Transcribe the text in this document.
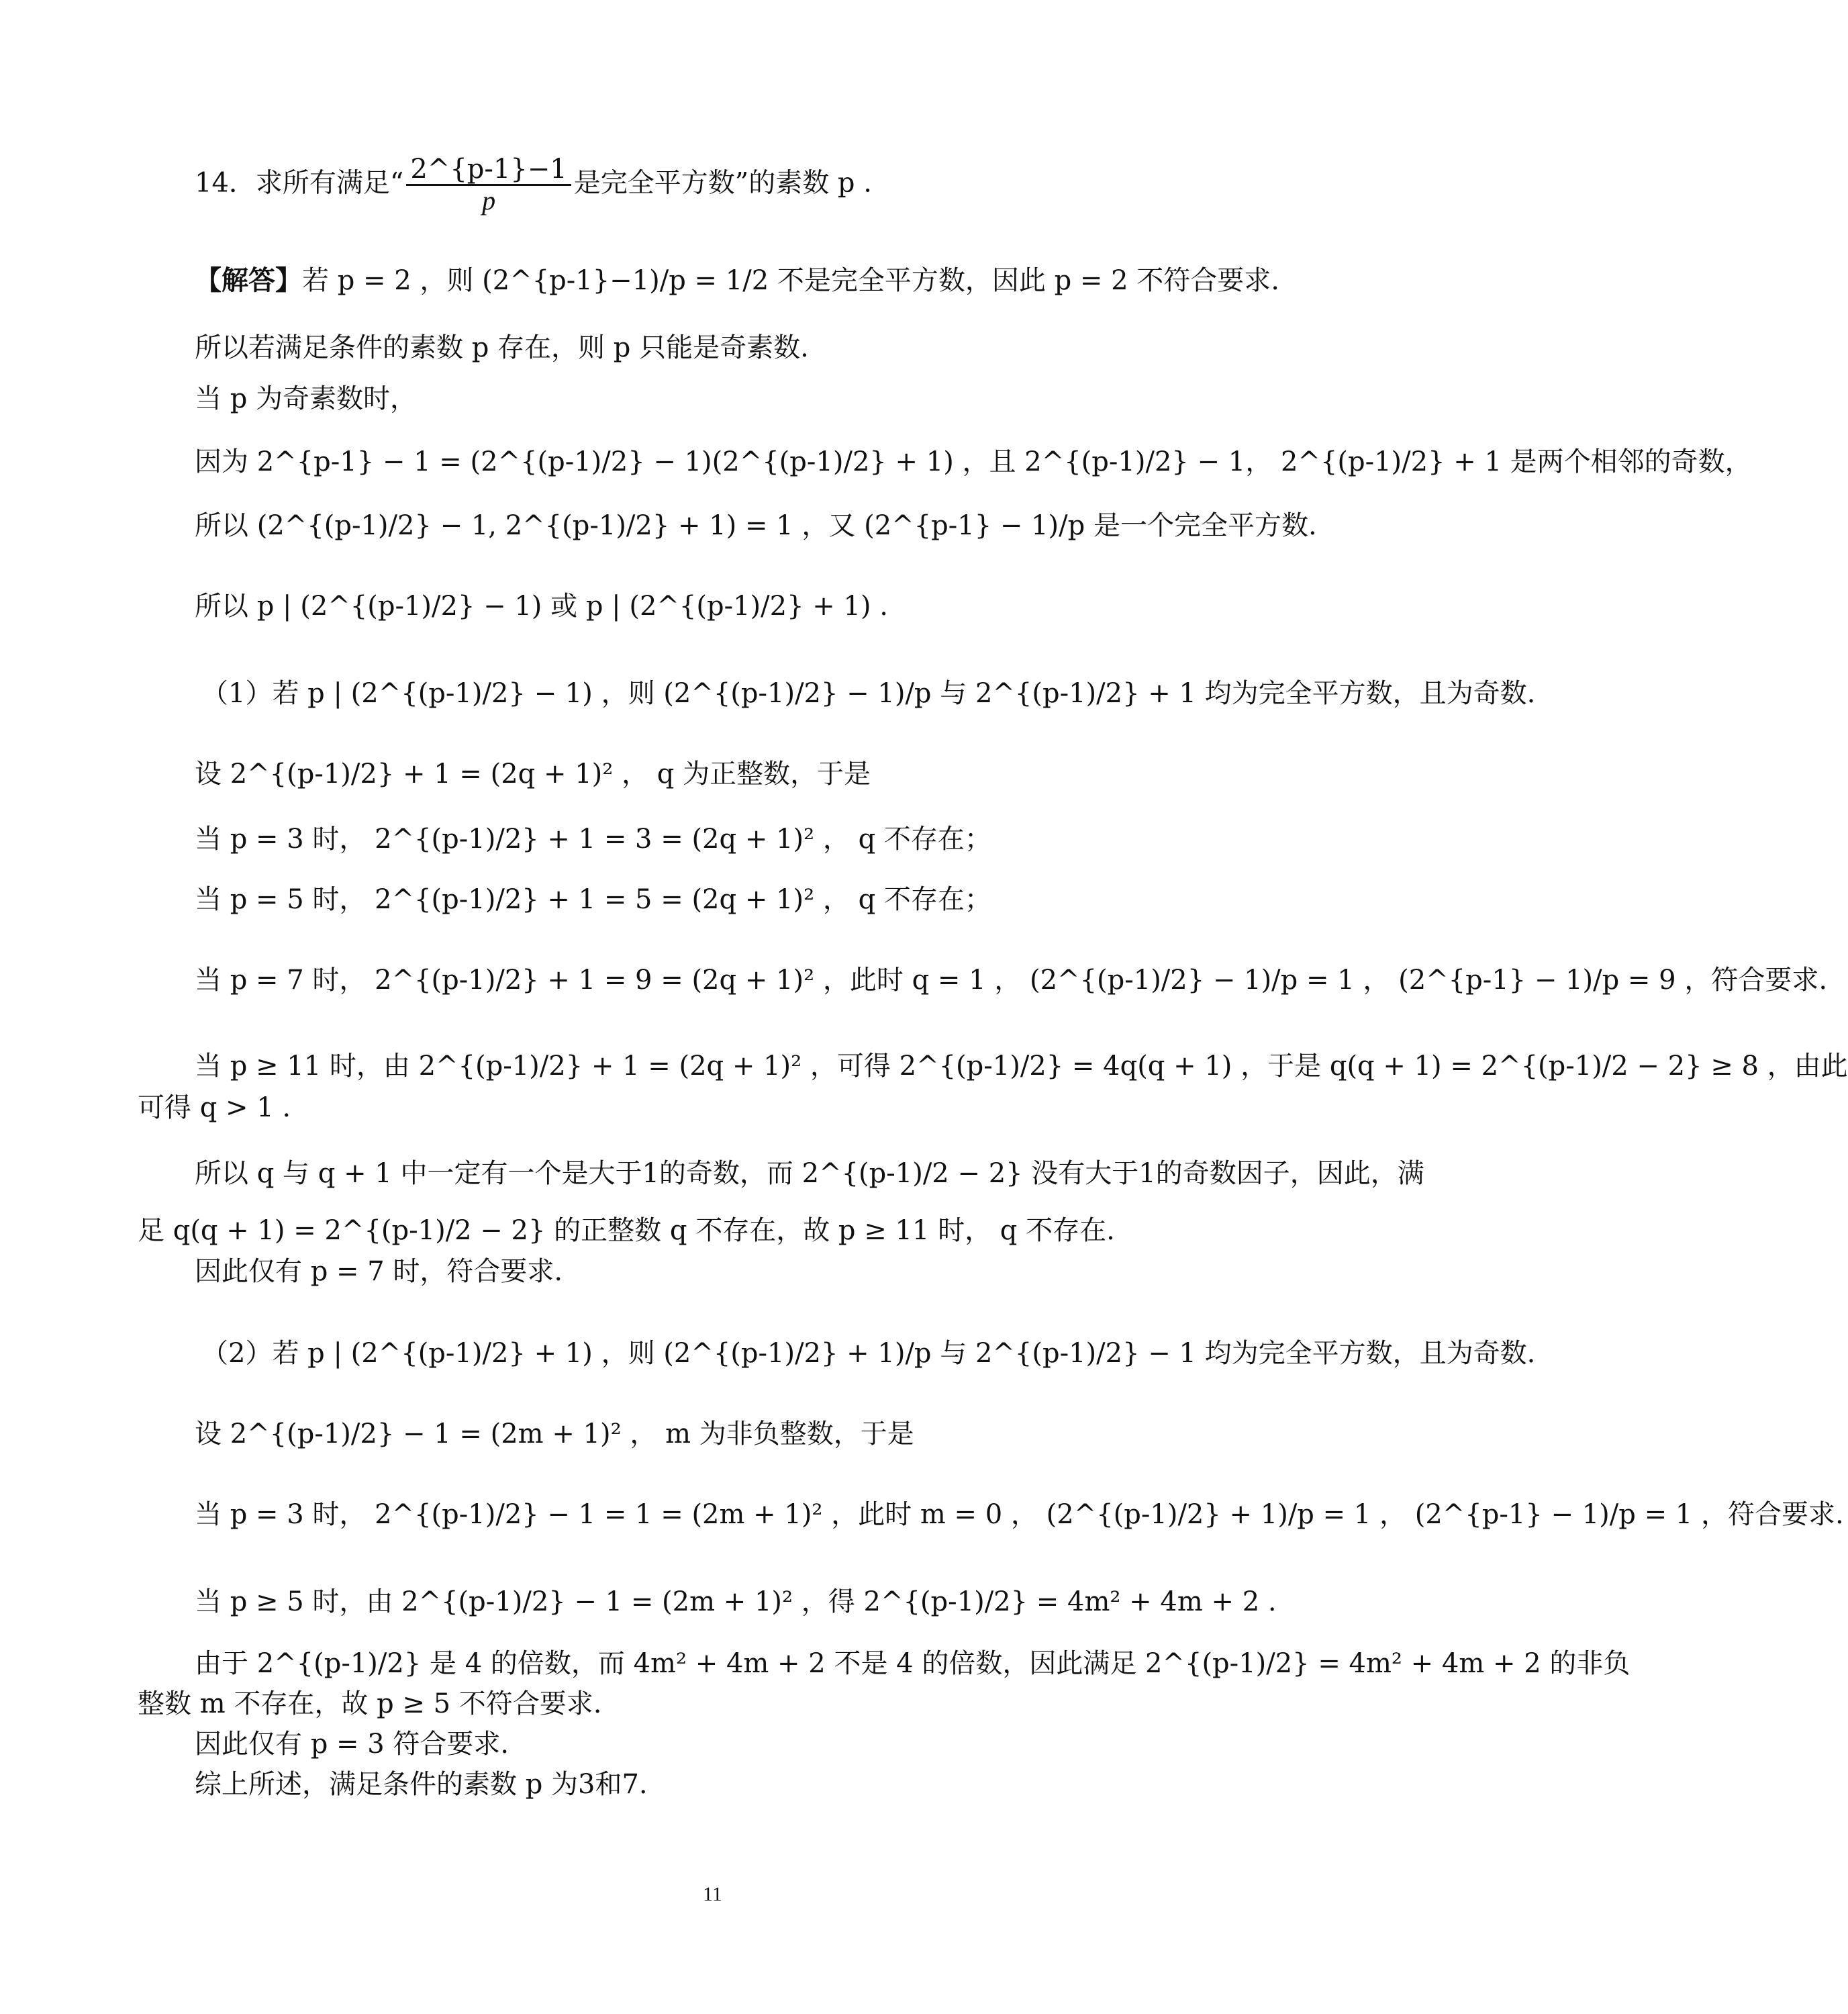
14．求所有满足“ $\frac{2\^{}\{p-1\}-1}{p}$ 是完全平方数”的素数 p .
【解答】若 p = 2 ，则 (2^{p-1}−1)/p = 1/2 不是完全平方数，因此 p = 2 不符合要求.
所以若满足条件的素数 p 存在，则 p 只能是奇素数.
当 p 为奇素数时，
因为 2^{p-1} − 1 = (2^{(p-1)/2} − 1)(2^{(p-1)/2} + 1) ，且 2^{(p-1)/2} − 1， 2^{(p-1)/2} + 1 是两个相邻的奇数，
所以 (2^{(p-1)/2} − 1, 2^{(p-1)/2} + 1) = 1 ，又 (2^{p-1} − 1)/p 是一个完全平方数.
所以 p | (2^{(p-1)/2} − 1) 或 p | (2^{(p-1)/2} + 1) .
（1）若 p | (2^{(p-1)/2} − 1) ，则 (2^{(p-1)/2} − 1)/p 与 2^{(p-1)/2} + 1 均为完全平方数，且为奇数.
设 2^{(p-1)/2} + 1 = (2q + 1)² ， q 为正整数，于是
当 p = 3 时， 2^{(p-1)/2} + 1 = 3 = (2q + 1)² ， q 不存在；
当 p = 5 时， 2^{(p-1)/2} + 1 = 5 = (2q + 1)² ， q 不存在；
当 p = 7 时， 2^{(p-1)/2} + 1 = 9 = (2q + 1)² ，此时 q = 1 ， (2^{(p-1)/2} − 1)/p = 1 ， (2^{p-1} − 1)/p = 9 ，符合要求.
当 p ≥ 11 时，由 2^{(p-1)/2} + 1 = (2q + 1)² ，可得 2^{(p-1)/2} = 4q(q + 1) ，于是 q(q + 1) = 2^{(p-1)/2 − 2} ≥ 8 ，由此
可得 q > 1 .
所以 q 与 q + 1 中一定有一个是大于1的奇数，而 2^{(p-1)/2 − 2} 没有大于1的奇数因子，因此，满
足 q(q + 1) = 2^{(p-1)/2 − 2} 的正整数 q 不存在，故 p ≥ 11 时， q 不存在.
因此仅有 p = 7 时，符合要求.
（2）若 p | (2^{(p-1)/2} + 1) ，则 (2^{(p-1)/2} + 1)/p 与 2^{(p-1)/2} − 1 均为完全平方数，且为奇数.
设 2^{(p-1)/2} − 1 = (2m + 1)² ， m 为非负整数，于是
当 p = 3 时， 2^{(p-1)/2} − 1 = 1 = (2m + 1)² ，此时 m = 0 ， (2^{(p-1)/2} + 1)/p = 1 ， (2^{p-1} − 1)/p = 1 ，符合要求.
当 p ≥ 5 时，由 2^{(p-1)/2} − 1 = (2m + 1)² ，得 2^{(p-1)/2} = 4m² + 4m + 2 .
由于 2^{(p-1)/2} 是 4 的倍数，而 4m² + 4m + 2 不是 4 的倍数，因此满足 2^{(p-1)/2} = 4m² + 4m + 2 的非负
整数 m 不存在，故 p ≥ 5 不符合要求.
因此仅有 p = 3 符合要求.
综上所述，满足条件的素数 p 为3和7.
11
